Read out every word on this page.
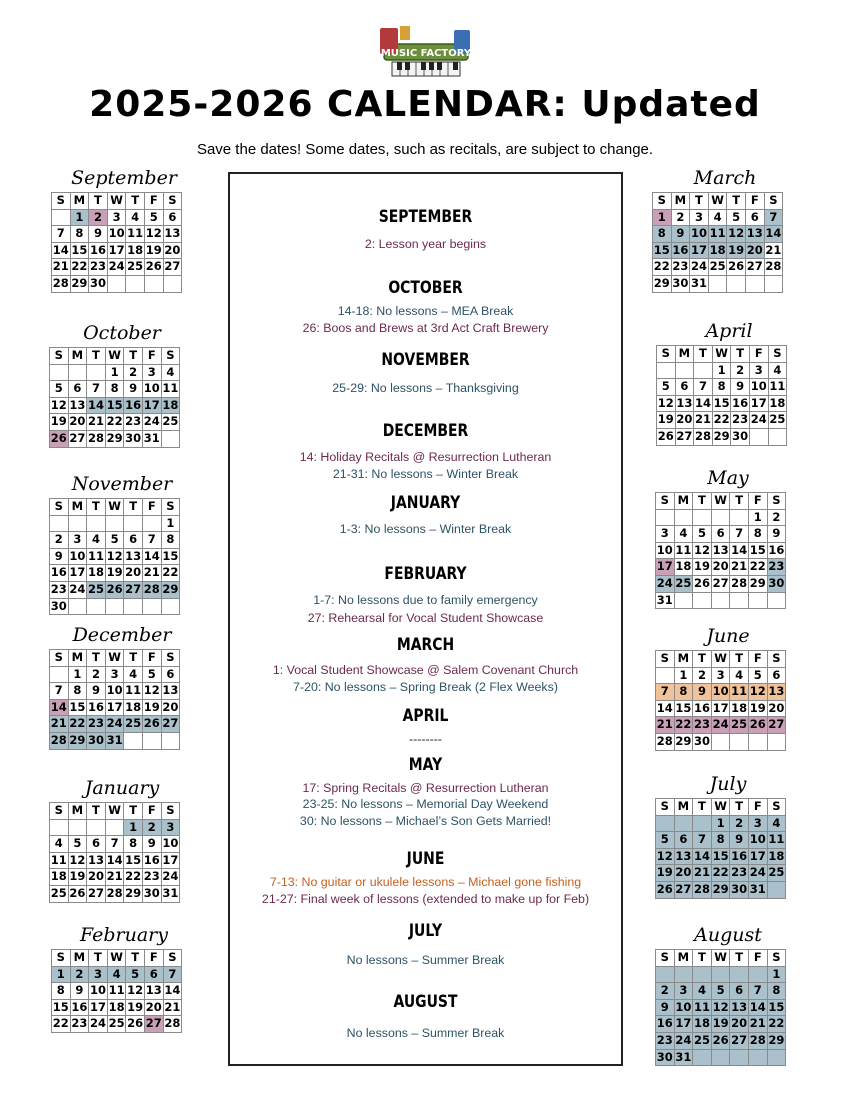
MUSIC FACTORY
2025-2026 CALENDAR: Updated
Save the dates! Some dates, such as recitals, are subject to change.
September
S	M	T	W	T	F	S
	1	2	3	4	5	6
7	8	9	10	11	12	13
14	15	16	17	18	19	20
21	22	23	24	25	26	27
28	29	30				
October
S	M	T	W	T	F	S
			1	2	3	4
5	6	7	8	9	10	11
12	13	14	15	16	17	18
19	20	21	22	23	24	25
26	27	28	29	30	31	
November
S	M	T	W	T	F	S
						1
2	3	4	5	6	7	8
9	10	11	12	13	14	15
16	17	18	19	20	21	22
23	24	25	26	27	28	29
30						
December
S	M	T	W	T	F	S
	1	2	3	4	5	6
7	8	9	10	11	12	13
14	15	16	17	18	19	20
21	22	23	24	25	26	27
28	29	30	31			
January
S	M	T	W	T	F	S
				1	2	3
4	5	6	7	8	9	10
11	12	13	14	15	16	17
18	19	20	21	22	23	24
25	26	27	28	29	30	31
February
S	M	T	W	T	F	S
1	2	3	4	5	6	7
8	9	10	11	12	13	14
15	16	17	18	19	20	21
22	23	24	25	26	27	28
March
S	M	T	W	T	F	S
1	2	3	4	5	6	7
8	9	10	11	12	13	14
15	16	17	18	19	20	21
22	23	24	25	26	27	28
29	30	31				
April
S	M	T	W	T	F	S
			1	2	3	4
5	6	7	8	9	10	11
12	13	14	15	16	17	18
19	20	21	22	23	24	25
26	27	28	29	30		
May
S	M	T	W	T	F	S
					1	2
3	4	5	6	7	8	9
10	11	12	13	14	15	16
17	18	19	20	21	22	23
24	25	26	27	28	29	30
31						
June
S	M	T	W	T	F	S
	1	2	3	4	5	6
7	8	9	10	11	12	13
14	15	16	17	18	19	20
21	22	23	24	25	26	27
28	29	30				
July
S	M	T	W	T	F	S
			1	2	3	4
5	6	7	8	9	10	11
12	13	14	15	16	17	18
19	20	21	22	23	24	25
26	27	28	29	30	31	
August
S	M	T	W	T	F	S
						1
2	3	4	5	6	7	8
9	10	11	12	13	14	15
16	17	18	19	20	21	22
23	24	25	26	27	28	29
30	31					
SEPTEMBER
2: Lesson year begins
OCTOBER
14-18: No lessons – MEA Break
26: Boos and Brews at 3rd Act Craft Brewery
NOVEMBER
25-29: No lessons – Thanksgiving
DECEMBER
14: Holiday Recitals @ Resurrection Lutheran
21-31: No lessons – Winter Break
JANUARY
1-3: No lessons – Winter Break
FEBRUARY
1-7: No lessons due to family emergency
27: Rehearsal for Vocal Student Showcase
MARCH
1: Vocal Student Showcase @ Salem Covenant Church
7-20: No lessons – Spring Break (2 Flex Weeks)
APRIL
--------
MAY
17: Spring Recitals @ Resurrection Lutheran
23-25: No lessons – Memorial Day Weekend
30: No lessons – Michael’s Son Gets Married!
JUNE
7-13: No guitar or ukulele lessons – Michael gone fishing
21-27: Final week of lessons (extended to make up for Feb)
JULY
No lessons – Summer Break
AUGUST
No lessons – Summer Break
